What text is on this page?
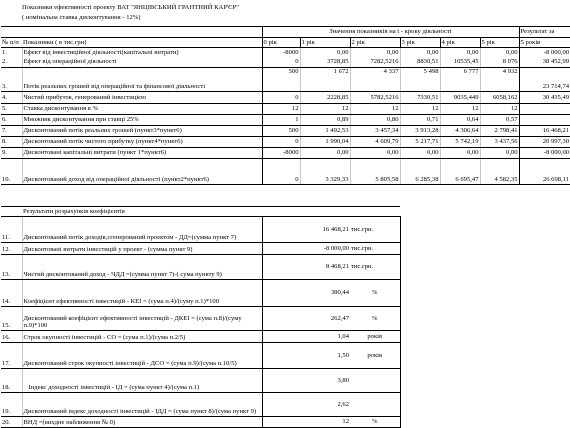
Показники ефективності проекту ВАТ "ЯНЦІВСЬКИЙ ГРАНТНИЙ КАР'ЄР"
( номінальна ставка дисконтування - 12%)
		Значення показників на t - кроку діяльності						Результат за
№ п/п	Показники ( в тис.грн)	0 рік	1 рік	2 рік	3 рік	4 рік	5 рік	5 років
1.	Ефект від інвестиційної діяльності(капітальні витрати)	-8000	0,00	0,00	0,00	0,00	0,00	-8 000,00
2.	Ефект від операційної діяльності	0	3728,85	7282,5216	8830,51	10535,45	8 076	38 452,99
3.	Потік реальних грошей від операційної та фінансової діяльності	500	1 672	4 337	5 498	6 777	4 932	23 714,74
4.	Чистий прибуток, генерований інвестицією	0	2228,85	5782,5216	7330,51	9035,449	6058,162	30 435,49
5.	Ставка дисконтування в %	12	12	12	12	12	12	
6.	Множник дисконтування при ставці 25%	1	0,89	0,80	0,71	0,64	0,57	
7.	Дисконтований потік реальних грошей (пункт3*пункт6)	500	1 492,53	3 457,34	3 913,28	4 306,64	2 798,41	16 468,21
8.	Дисконтований потік чистого прибутку (пункт4*пункт6)	0	1 990,04	4 609,79	5 217,71	5 742,19	3 437,56	20 997,30
9.	Дисконтовані капітальні витрати (пункт 1*пункт6)	-8000	0,00	0,00	0,00	0,00	0,00	-8 000,00
10.	Дисконтований доход від операційної діяльності (пункт2*пункт6)	0	3 329,33	5 805,58	6 285,38	6 695,47	4 582,35	26 698,11
	Результати розрахунків коефіцієнтів		
11.	Дисконтований потік доходів,сгенерований проектом - ДД=(сумма пункт 7)	16 468,21	тис.грн.
12.	Дисконтовані витрати інвестицій у проект - (сумма пункт 9)	-8 000,00	тис.грн.
13.	Чистий дисконтований доход - ЧДД =(сумма пункт 7)-( сума пункту 9)	8 468,21	тис.грн.
14.	Коефіцієнт ефективності інвестицій - КЕІ = (сума п.4)/(суму п.1)*100	380,44	%
15.	Дисконтований коефіцієнт ефективності інвестицій - ДКЕІ = (сума п.8)/(суму п.9)*100	262,47	%
16.	Строк окупності інвестицій - СО = (сума п.1)/(сума п.2/5)	1,04	років
17.	Дисконтований строк окупності інвестицій - ДСО = (сума п.9)/(сума п.10/5)	1,50	років
18.	Індекс доходності інвестицій - ІД = (сума пункт 4)/(сума п.1)	3,80	
19.	Дисконтований індекс доходності інвестицій - ІДД = (сума пункт 8)/(сума пункт 9)	2,62	
20.	ВНД =(вихдне наближення № 0)	12	%
